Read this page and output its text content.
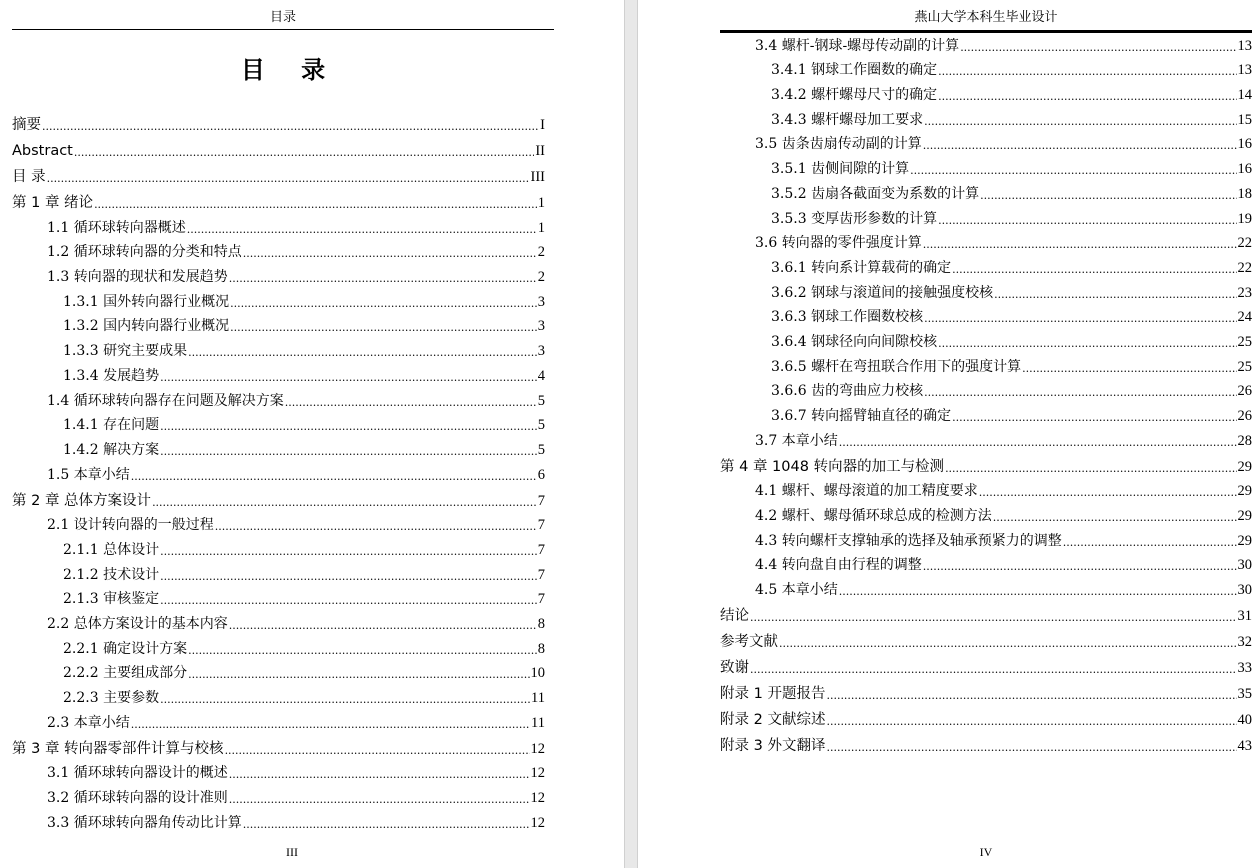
目录
目 录
摘要 .....	I
Abstract .....	II
目 录 .....	III
第 1 章 绪论 .....	1
1.1 循环球转向器概述 .....	1
1.2 循环球转向器的分类和特点 .....	2
1.3 转向器的现状和发展趋势 .....	2
1.3.1 国外转向器行业概况 .....	3
1.3.2 国内转向器行业概况 .....	3
1.3.3 研究主要成果 .....	3
1.3.4 发展趋势 .....	4
1.4 循环球转向器存在问题及解决方案 .....	5
1.4.1 存在问题 .....	5
1.4.2 解决方案 .....	5
1.5 本章小结 .....	6
第 2 章 总体方案设计 .....	7
2.1 设计转向器的一般过程 .....	7
2.1.1 总体设计 .....	7
2.1.2 技术设计 .....	7
2.1.3 审核鉴定 .....	7
2.2 总体方案设计的基本内容 .....	8
2.2.1 确定设计方案 .....	8
2.2.2 主要组成部分 .....	10
2.2.3 主要参数 .....	11
2.3 本章小结 .....	11
第 3 章 转向器零部件计算与校核 .....	12
3.1 循环球转向器设计的概述 .....	12
3.2 循环球转向器的设计准则 .....	12
3.3 循环球转向器角传动比计算 .....	12
III
燕山大学本科生毕业设计
3.4 螺杆-钢球-螺母传动副的计算 .....	13
3.4.1 钢球工作圈数的确定 .....	13
3.4.2 螺杆螺母尺寸的确定 .....	14
3.4.3 螺杆螺母加工要求 .....	15
3.5 齿条齿扇传动副的计算 .....	16
3.5.1 齿侧间隙的计算 .....	16
3.5.2 齿扇各截面变为系数的计算 .....	18
3.5.3 变厚齿形参数的计算 .....	19
3.6 转向器的零件强度计算 .....	22
3.6.1 转向系计算载荷的确定 .....	22
3.6.2 钢球与滚道间的接触强度校核 .....	23
3.6.3 钢球工作圈数校核 .....	24
3.6.4 钢球径向向间隙校核 .....	25
3.6.5 螺杆在弯扭联合作用下的强度计算 .....	25
3.6.6 齿的弯曲应力校核 .....	26
3.6.7 转向摇臂轴直径的确定 .....	26
3.7 本章小结 .....	28
第 4 章 1048 转向器的加工与检测 .....	29
4.1 螺杆、螺母滚道的加工精度要求 .....	29
4.2 螺杆、螺母循环球总成的检测方法 .....	29
4.3 转向螺杆支撑轴承的选择及轴承预紧力的调整 .....	29
4.4 转向盘自由行程的调整 .....	30
4.5 本章小结 .....	30
结论 .....	31
参考文献 .....	32
致谢 .....	33
附录 1 开题报告 .....	35
附录 2 文献综述 .....	40
附录 3 外文翻译 .....	43
IV
